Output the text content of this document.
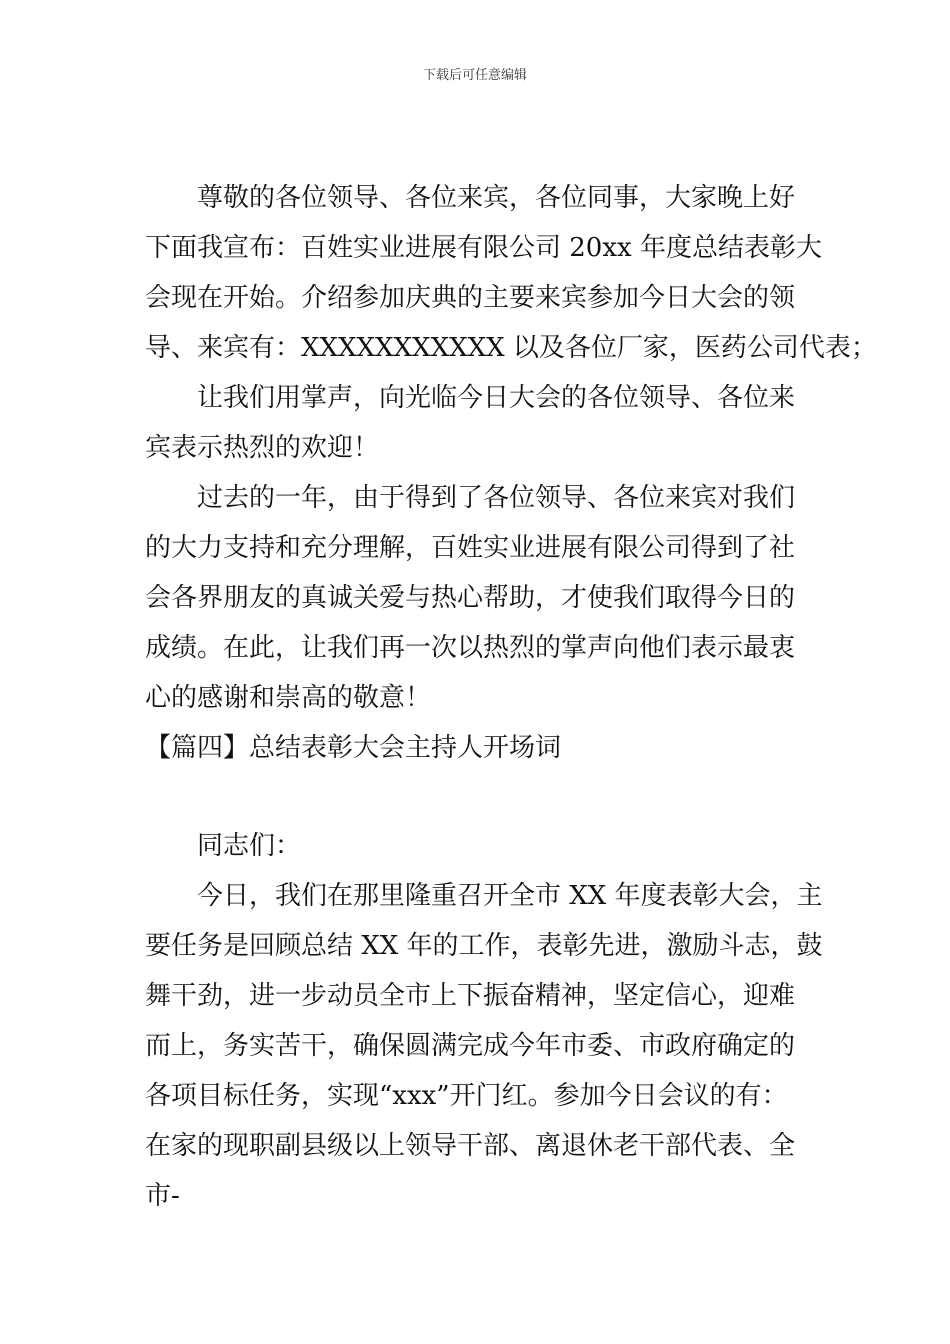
下载后可任意编辑
尊敬的各位领导、各位来宾，各位同事，大家晚上好
下面我宣布：百姓实业进展有限公司 20xx 年度总结表彰大
会现在开始。介绍参加庆典的主要来宾参加今日大会的领
导、来宾有：XXXXXXXXXXX 以及各位厂家，医药公司代表；
让我们用掌声，向光临今日大会的各位领导、各位来
宾表示热烈的欢迎！
过去的一年，由于得到了各位领导、各位来宾对我们
的大力支持和充分理解，百姓实业进展有限公司得到了社
会各界朋友的真诚关爱与热心帮助，才使我们取得今日的
成绩。在此，让我们再一次以热烈的掌声向他们表示最衷
心的感谢和崇高的敬意！
【篇四】总结表彰大会主持人开场词
同志们：
今日，我们在那里隆重召开全市 XX 年度表彰大会，主
要任务是回顾总结 XX 年的工作，表彰先进，激励斗志，鼓
舞干劲，进一步动员全市上下振奋精神，坚定信心，迎难
而上，务实苦干，确保圆满完成今年市委、市政府确定的
各项目标任务，实现“xxx”开门红。参加今日会议的有：
在家的现职副县级以上领导干部、离退休老干部代表、全
市-
